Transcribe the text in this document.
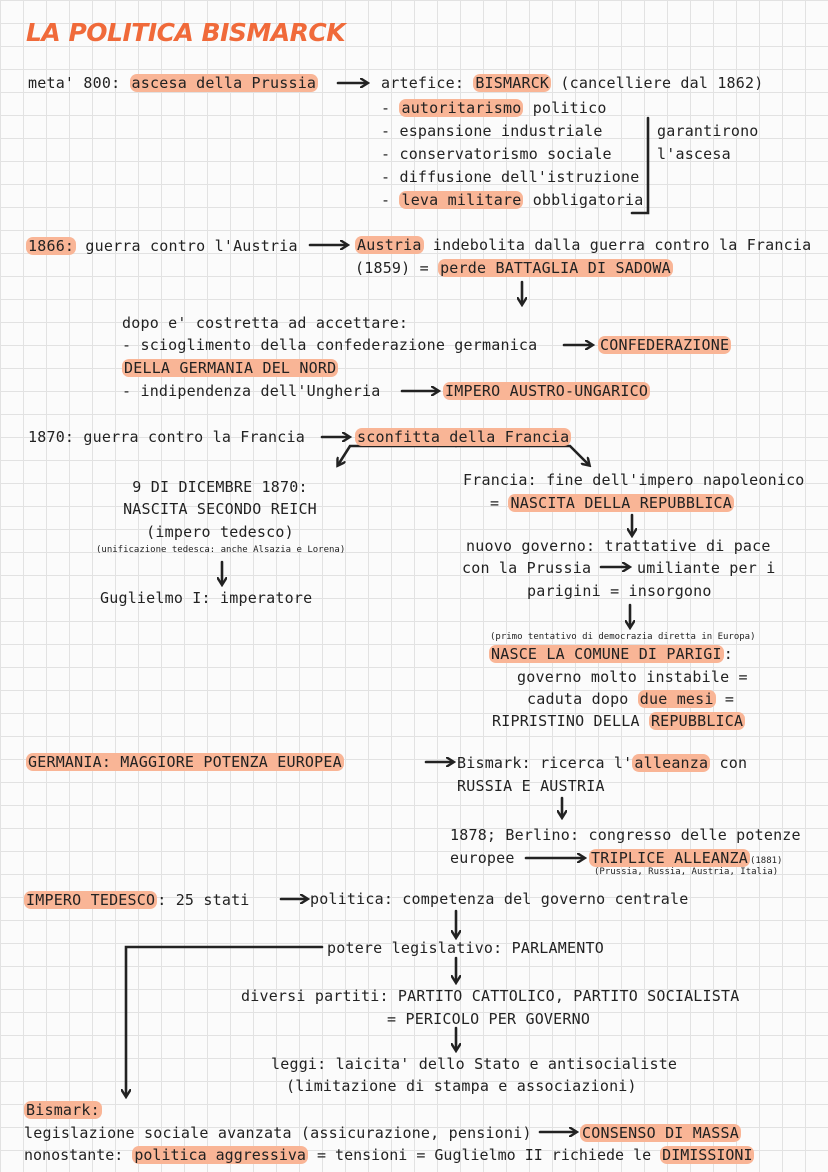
LA POLITICA BISMARCK
meta' 800: ascesa della Prussia	artefice: BISMARCK (cancelliere dal 1862)
- autoritarismo politico
- espansione industriale
- conservatorismo sociale
- diffusione dell'istruzione
- leva militare obbligatoria
garantirono
l'ascesa
1866: guerra contro l'Austria	Austria indebolita dalla guerra contro la Francia
(1859) = perde BATTAGLIA DI SADOWA
dopo e' costretta ad accettare:
- scioglimento della confederazione germanica	CONFEDERAZIONE
DELLA GERMANIA DEL NORD
- indipendenza dell'Ungheria	IMPERO AUSTRO-UNGARICO
1870: guerra contro la Francia	sconfitta della Francia
9 DI DICEMBRE 1870:
NASCITA SECONDO REICH
(impero tedesco)
(unificazione tedesca: anche Alsazia e Lorena)
Guglielmo I: imperatore
Francia: fine dell'impero napoleonico
= NASCITA DELLA REPUBBLICA
nuovo governo: trattative di pace
con la Prussia	umiliante per i
parigini = insorgono
(primo tentativo di democrazia diretta in Europa)
NASCE LA COMUNE DI PARIGI :
governo molto instabile =
caduta dopo due mesi =
RIPRISTINO DELLA REPUBBLICA
GERMANIA: MAGGIORE POTENZA EUROPEA	Bismark: ricerca l' alleanza con
RUSSIA E AUSTRIA
1878; Berlino: congresso delle potenze
europee	TRIPLICE ALLEANZA (1881)
(Prussia, Russia, Austria, Italia)
IMPERO TEDESCO : 25 stati	politica: competenza del governo centrale
potere legislativo: PARLAMENTO
diversi partiti: PARTITO CATTOLICO, PARTITO SOCIALISTA
= PERICOLO PER GOVERNO
leggi: laicita' dello Stato e antisocialiste
(limitazione di stampa e associazioni)
Bismark:
legislazione sociale avanzata (assicurazione, pensioni)	CONSENSO DI MASSA
nonostante: politica aggressiva = tensioni = Guglielmo II richiede le DIMISSIONI
